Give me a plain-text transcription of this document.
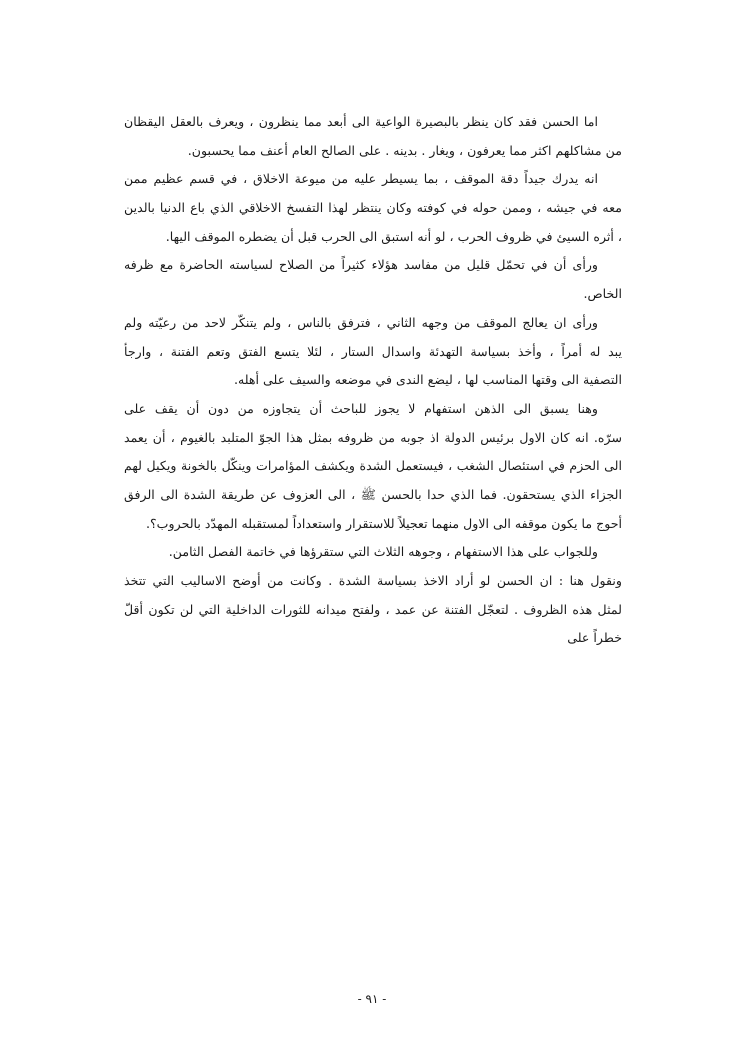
اما الحسن فقد كان ينظر بالبصيرة الواعية الى أبعد مما ينظرون ، ويعرف بالعقل اليقظان
من مشاكلهم اكثر مما يعرفون ، ويغار . بدينه . على الصالح العام أعنف مما يحسبون.
انه يدرك جيداً دقة الموقف ، بما يسيطر عليه من ميوعة الاخلاق ، في قسم عظيم ممن
معه في جيشه ، وممن حوله في كوفته وكان ينتظر لهذا التفسخ الاخلاقي الذي باع الدنيا بالدين
، أثره السيئ في ظروف الحرب ، لو أنه استبق الى الحرب قبل أن يضطره الموقف اليها.
ورأى أن في تحمّل قليل من مفاسد هؤلاء كثيراً من الصلاح لسياسته الحاضرة مع ظرفه
الخاص.
ورأى ان يعالج الموقف من وجهه الثاني ، فترفق بالناس ، ولم يتنكّر لاحد من رعيّته ولم
يبد له أمراً ، وأخذ بسياسة التهدئة واسدال الستار ، لئلا يتسع الفتق وتعم الفتنة ، وارجأ
التصفية الى وقتها المناسب لها ، ليضع الندى في موضعه والسيف على أهله.
وهنا يسبق الى الذهن استفهام لا يجوز للباحث أن يتجاوزه من دون أن يقف على
سرّه. انه كان الاول برئيس الدولة اذ جوبه من ظروفه بمثل هذا الجوّ المتلبد بالغيوم ، أن يعمد
الى الحزم في استئصال الشغب ، فيستعمل الشدة ويكشف المؤامرات وينكّل بالخونة ويكيل لهم
الجزاء الذي يستحقون. فما الذي حدا بالحسن ﷺ ، الى العزوف عن طريقة الشدة الى الرفق
أحوج ما يكون موقفه الى الاول منهما تعجيلاً للاستقرار واستعداداً لمستقبله المهدّد بالحروب؟.
وللجواب على هذا الاستفهام ، وجوهه الثلاث التي ستقرؤها في خاتمة الفصل الثامن.
ونقول هنا : ان الحسن لو أراد الاخذ بسياسة الشدة . وكانت من أوضح الاساليب التي تتخذ
لمثل هذه الظروف . لتعجّل الفتنة عن عمد ، ولفتح ميدانه للثورات الداخلية التي لن تكون أقلّ
خطراً على
- ٩١ -
